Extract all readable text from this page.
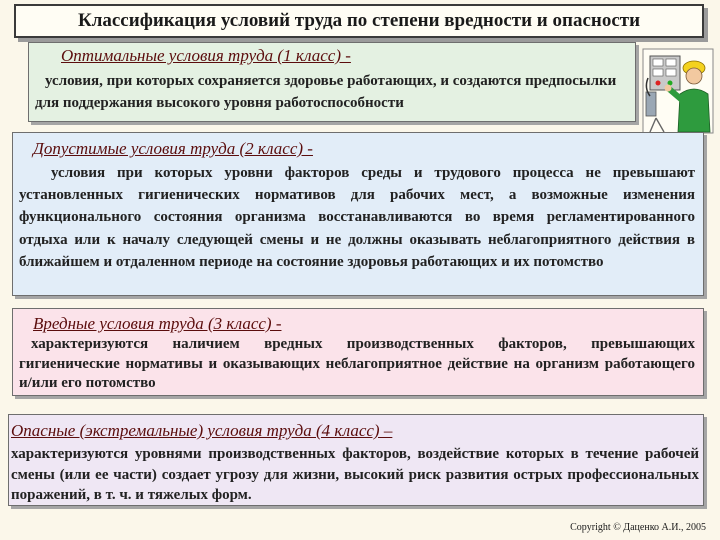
Классификация условий труда по степени вредности и опасности
Оптимальные условия труда (1 класс) -
условия, при которых сохраняется здоровье работающих, и создаются предпосылки для поддержания высокого уровня работоспособности
Допустимые условия труда (2 класс) -
условия при которых уровни факторов среды и трудового процесса не превышают установленных гигиенических нормативов для рабочих мест, а возможные изменения функционального состояния организма восстанавливаются во время регламентированного отдыха или к началу следующей смены и не должны оказывать неблагоприятного действия в ближайшем и отдаленном периоде на состояние здоровья работающих и их потомство
Вредные условия труда (3 класс) -
характеризуются наличием вредных производственных факторов, превышающих гигиенические нормативы и оказывающих неблагоприятное действие на организм работающего и/или его потомство
Опасные (экстремальные) условия труда (4 класс) –
характеризуются уровнями производственных факторов, воздействие которых в течение рабочей смены (или ее части) создает угрозу для жизни, высокий риск развития острых профессиональных поражений, в т. ч. и тяжелых форм.
Copyright © Даценко А.И., 2005
